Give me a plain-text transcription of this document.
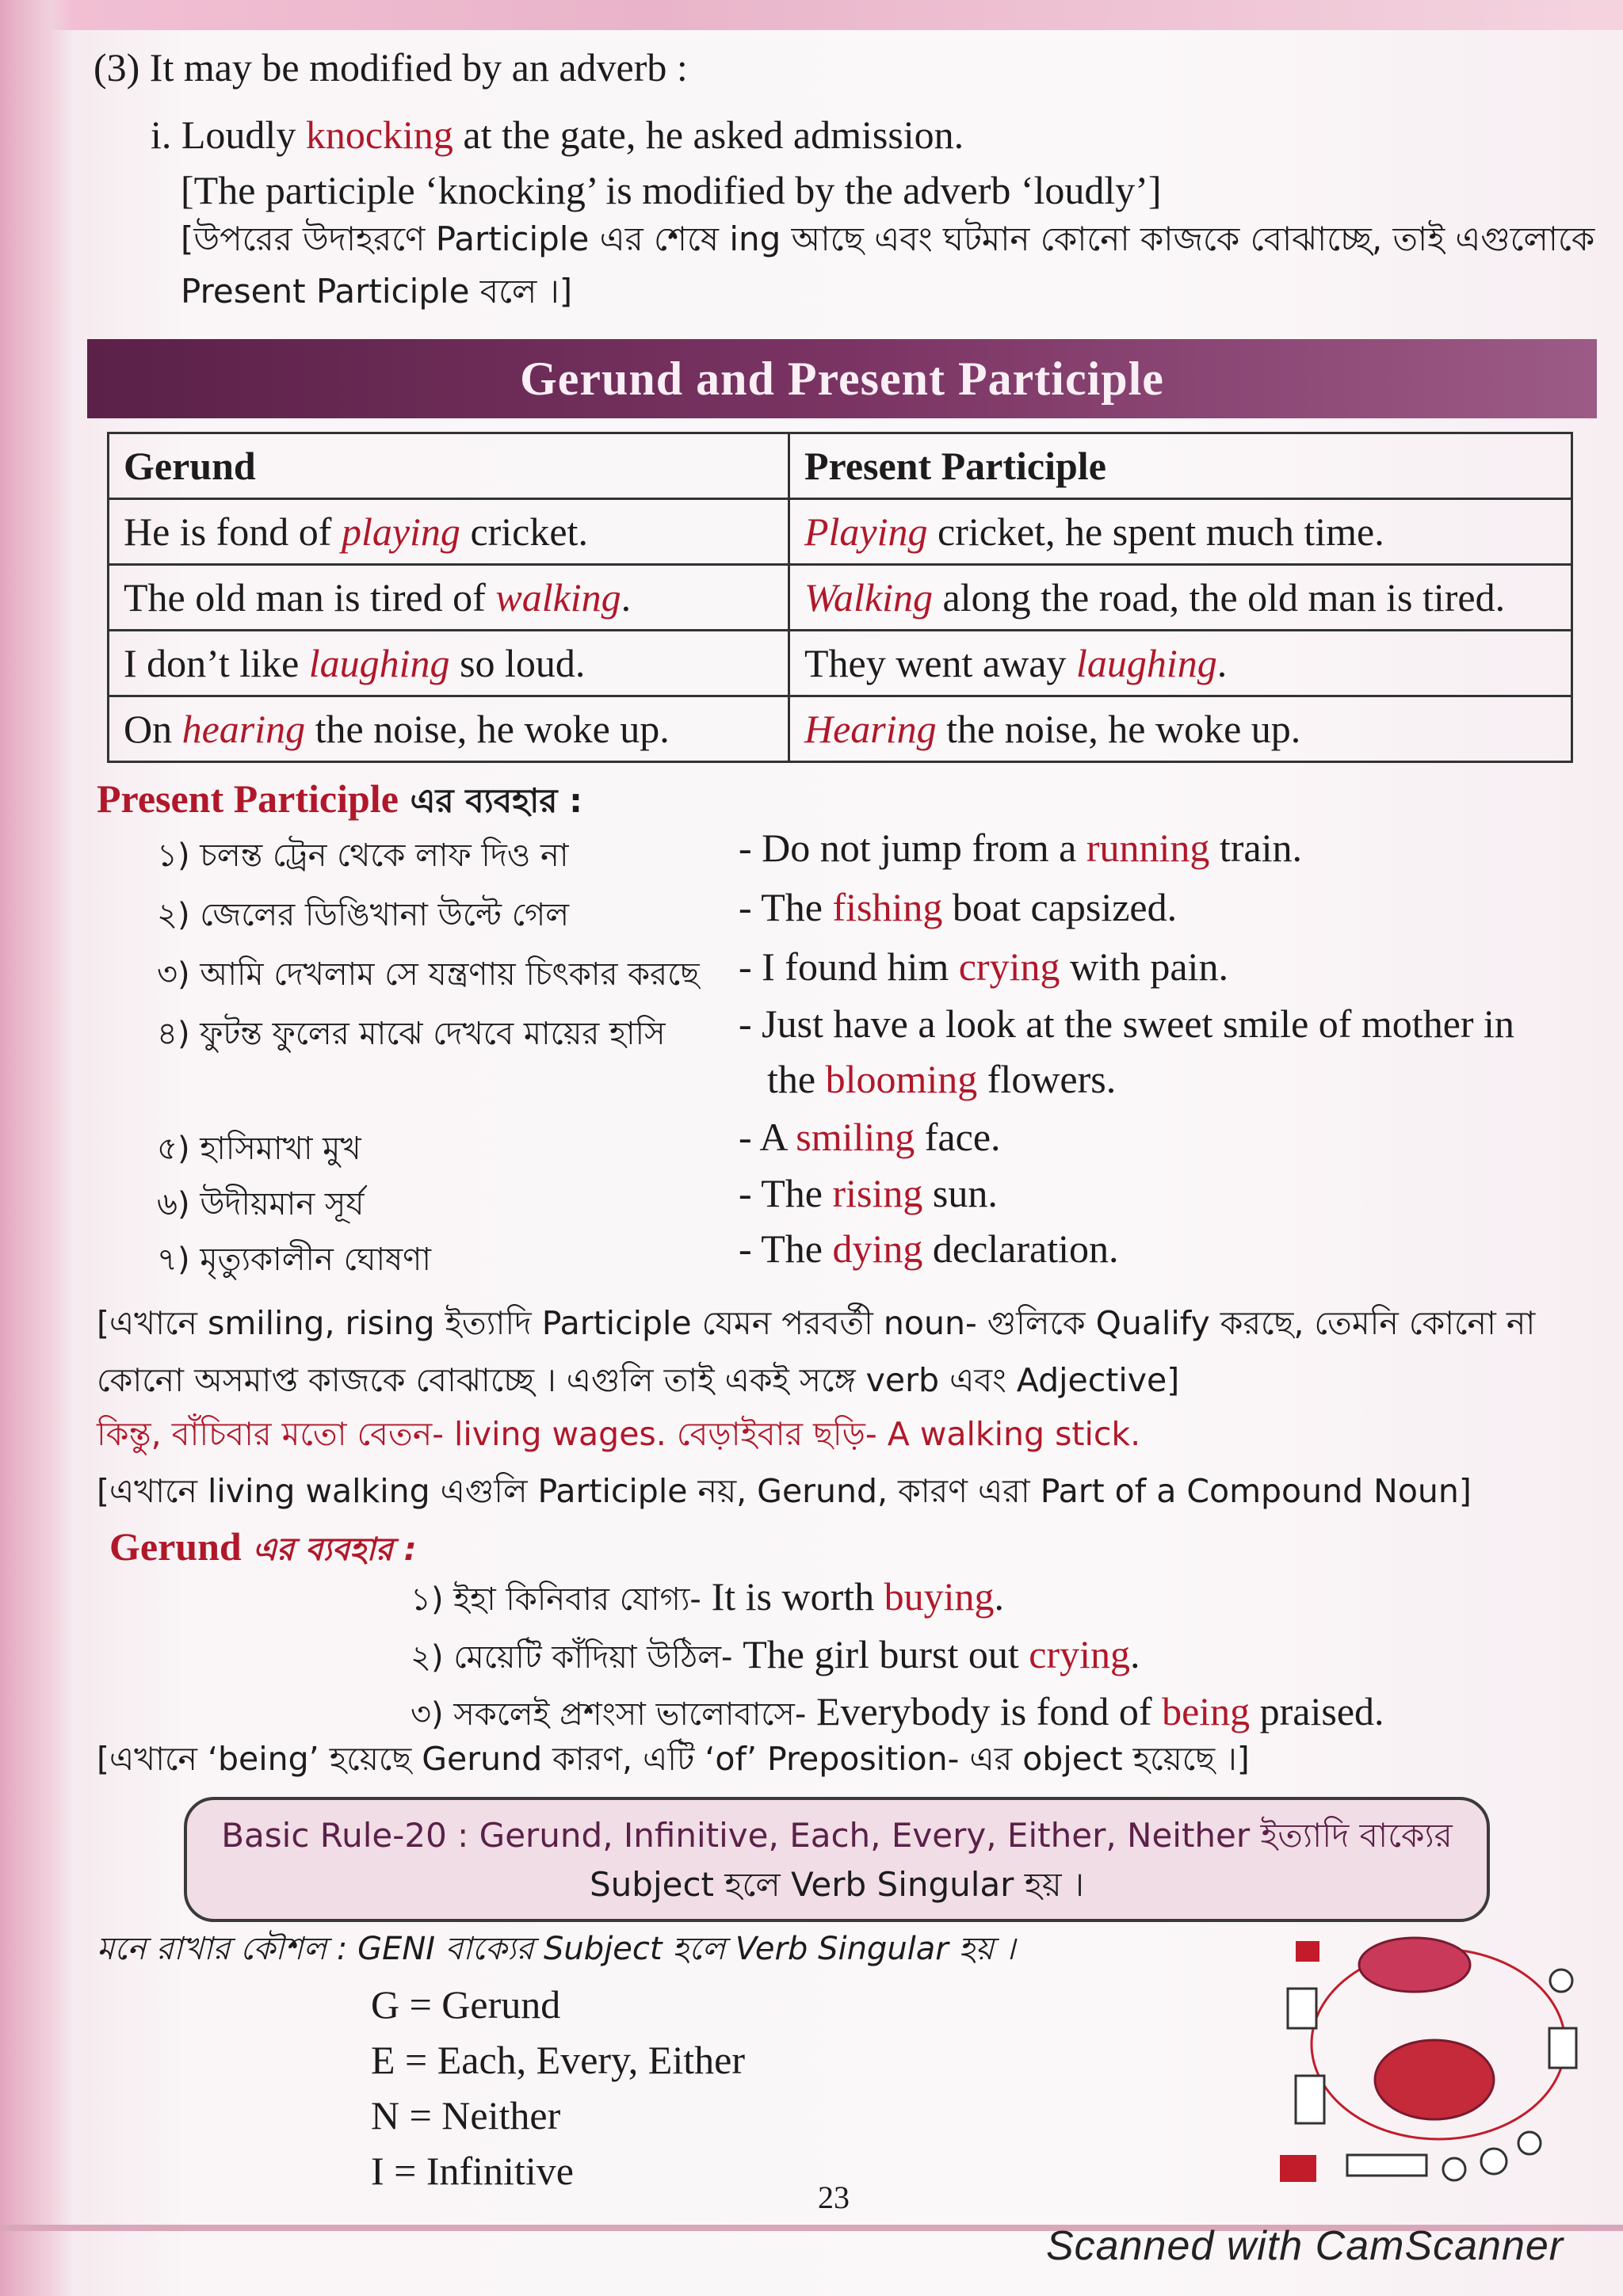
(3) It may be modified by an adverb :
i. Loudly knocking at the gate, he asked admission.
[The participle ‘knocking’ is modified by the adverb ‘loudly’]
[উপরের উদাহরণে Participle এর শেষে ing আছে এবং ঘটমান কোনো কাজকে বোঝাচ্ছে, তাই এগুলোকে
Present Participle বলে ।]
Gerund and Present Participle
Gerund	Present Participle
He is fond of playing cricket.	Playing cricket, he spent much time.
The old man is tired of walking.	Walking along the road, the old man is tired.
I don’t like laughing so loud.	They went away laughing.
On hearing the noise, he woke up.	Hearing the noise, he woke up.
Present Participle এর ব্যবহার :
১) চলন্ত ট্রেন থেকে লাফ দিও না	- Do not jump from a running train.
২) জেলের ডিঙিখানা উল্টে গেল	- The fishing boat capsized.
৩) আমি দেখলাম সে যন্ত্রণায় চিৎকার করছে - I found him crying with pain.
৪) ফুটন্ত ফুলের মাঝে দেখবে মায়ের হাসি - Just have a look at the sweet smile of mother in
the blooming flowers.
৫) হাসিমাখা মুখ	- A smiling face.
৬) উদীয়মান সূর্য	- The rising sun.
৭) মৃত্যুকালীন ঘোষণা	- The dying declaration.
[এখানে smiling, rising ইত্যাদি Participle যেমন পরবর্তী noun- গুলিকে Qualify করছে, তেমনি কোনো না
কোনো অসমাপ্ত কাজকে বোঝাচ্ছে । এগুলি তাই একই সঙ্গে verb এবং Adjective]
কিন্তু, বাঁচিবার মতো বেতন- living wages. বেড়াইবার ছড়ি- A walking stick.
[এখানে living walking এগুলি Participle নয়, Gerund, কারণ এরা Part of a Compound Noun]
Gerund এর ব্যবহার :
১) ইহা কিনিবার যোগ্য- It is worth buying.
২) মেয়েটি কাঁদিয়া উঠিল- The girl burst out crying.
৩) সকলেই প্রশংসা ভালোবাসে- Everybody is fond of being praised.
[এখানে ‘being’ হয়েছে Gerund কারণ, এটি ‘of’ Preposition- এর object হয়েছে ।]
Basic Rule-20 : Gerund, Infinitive, Each, Every, Either, Neither ইত্যাদি বাক্যের
Subject হলে Verb Singular হয় ।
মনে রাখার কৌশল : GENI বাক্যের Subject হলে Verb Singular হয় ।
G = Gerund
E = Each, Every, Either
N = Neither
I = Infinitive
23
Scanned with CamScanner
